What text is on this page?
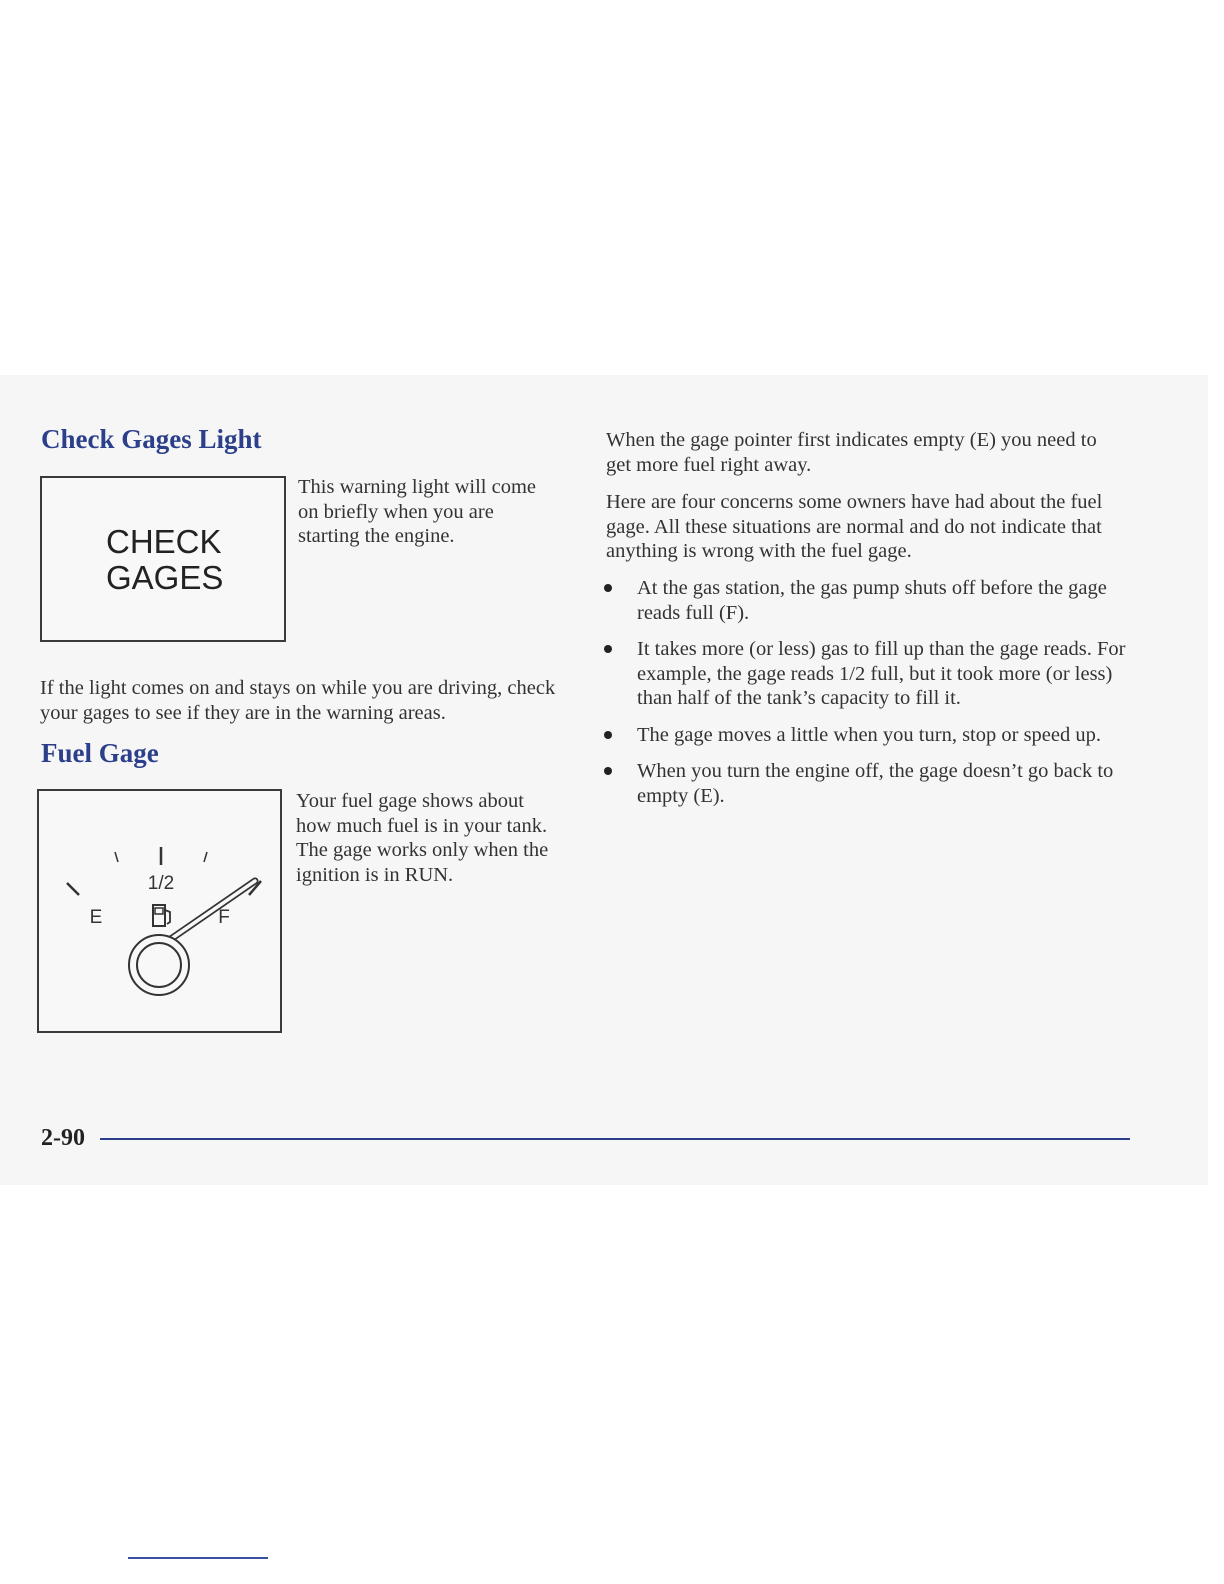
Check Gages Light
CHECK
GAGES

This warning light will come on briefly when you are starting the engine.

If the light comes on and stays on while you are driving, check your gages to see if they are in the warning areas.

Fuel Gage
1/2
E	F

Your fuel gage shows about how much fuel is in your tank. The gage works only when the ignition is in RUN.

When the gage pointer first indicates empty (E) you need to get more fuel right away.

Here are four concerns some owners have had about the fuel gage. All these situations are normal and do not indicate that anything is wrong with the fuel gage.

At the gas station, the gas pump shuts off before the gage reads full (F).
It takes more (or less) gas to fill up than the gage reads. For example, the gage reads 1/2 full, but it took more (or less) than half of the tank’s capacity to fill it.
The gage moves a little when you turn, stop or speed up.
When you turn the engine off, the gage doesn’t go back to empty (E).
2-90
